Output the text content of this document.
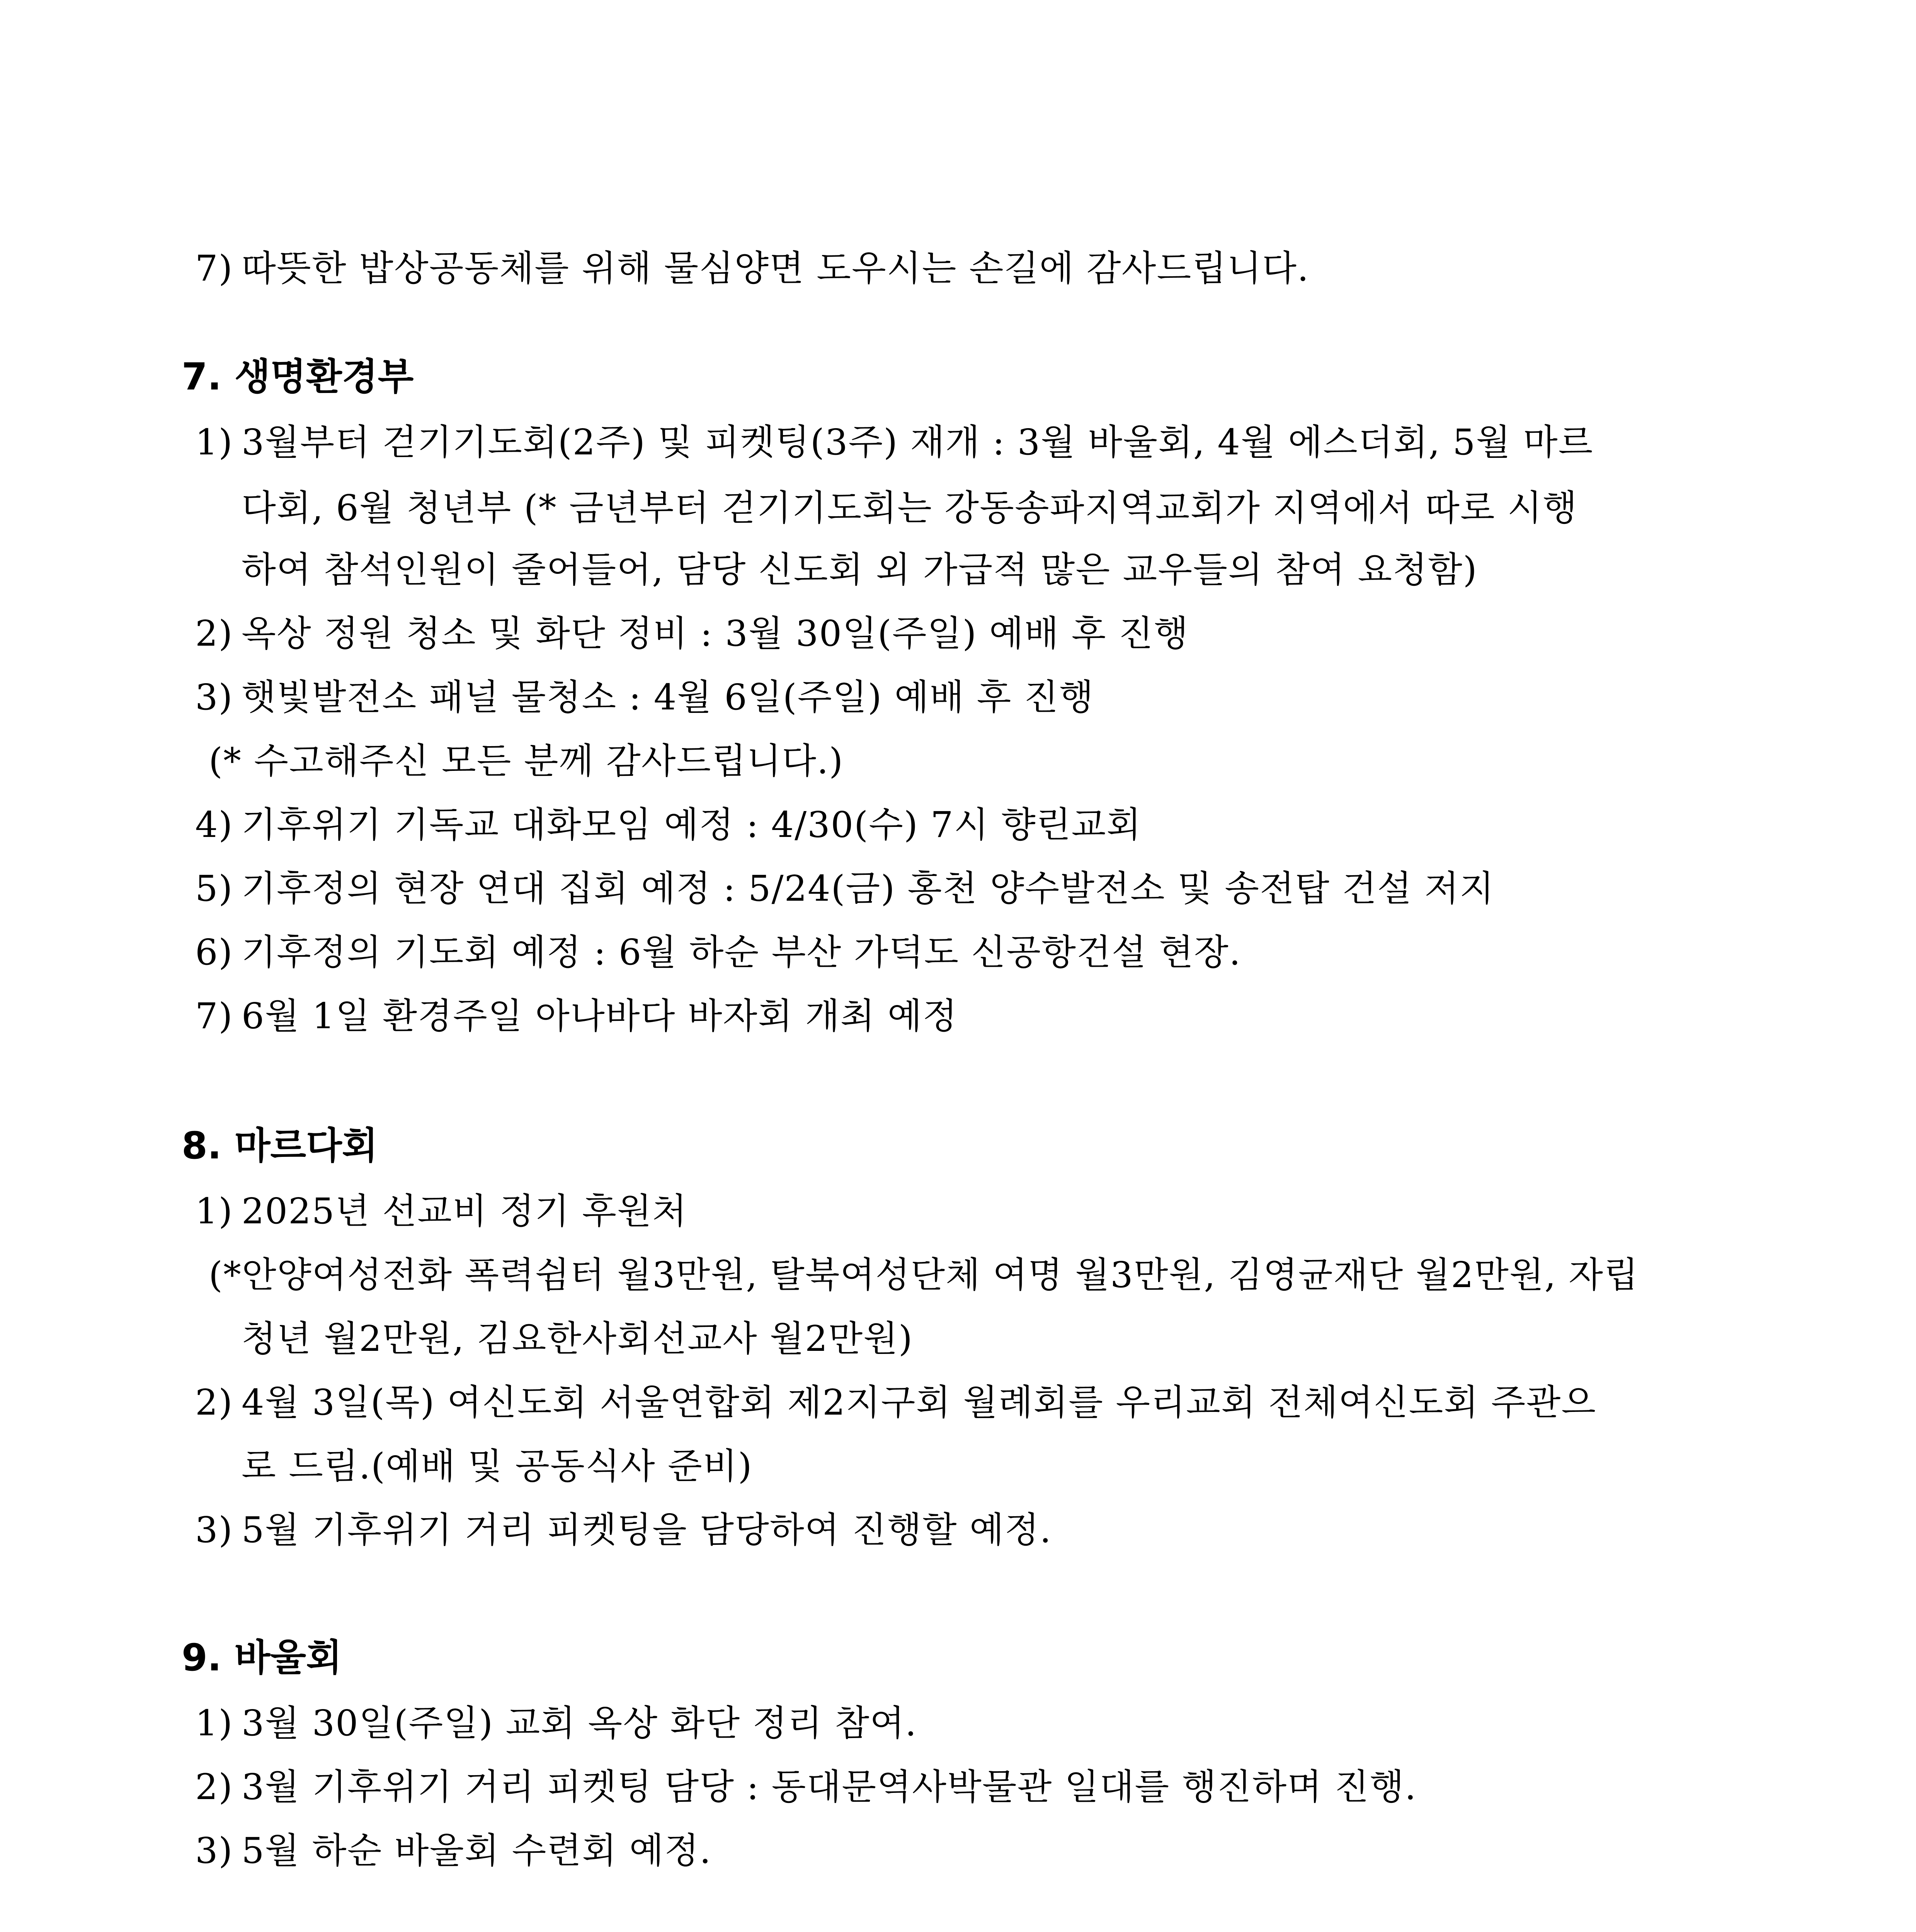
7) 따뜻한 밥상공동체를 위해 물심양면 도우시는 손길에 감사드립니다.
7. 생명환경부
1) 3월부터 걷기기도회(2주) 및 피켓팅(3주) 재개 : 3월 바울회, 4월 에스더회, 5월 마르
다회, 6월 청년부 (* 금년부터 걷기기도회는 강동송파지역교회가 지역에서 따로 시행
하여 참석인원이 줄어들어, 담당 신도회 외 가급적 많은 교우들의 참여 요청함)
2) 옥상 정원 청소 및 화단 정비 : 3월 30일(주일) 예배 후 진행
3) 햇빛발전소 패널 물청소 : 4월 6일(주일) 예배 후 진행
(* 수고해주신 모든 분께 감사드립니다.)
4) 기후위기 기독교 대화모임 예정 : 4/30(수) 7시 향린교회
5) 기후정의 현장 연대 집회 예정 : 5/24(금) 홍천 양수발전소 및 송전탑 건설 저지
6) 기후정의 기도회 예정 : 6월 하순 부산 가덕도 신공항건설 현장.
7) 6월 1일 환경주일 아나바다 바자회 개최 예정
8. 마르다회
1) 2025년 선교비 정기 후원처
(*안양여성전화 폭력쉼터 월3만원, 탈북여성단체 여명 월3만원, 김영균재단 월2만원, 자립
청년 월2만원, 김요한사회선교사 월2만원)
2) 4월 3일(목) 여신도회 서울연합회 제2지구회 월례회를 우리교회 전체여신도회 주관으
로 드림.(예배 및 공동식사 준비)
3) 5월 기후위기 거리 피켓팅을 담당하여 진행할 예정.
9. 바울회
1) 3월 30일(주일) 교회 옥상 화단 정리 참여.
2) 3월 기후위기 거리 피켓팅 담당 : 동대문역사박물관 일대를 행진하며 진행.
3) 5월 하순 바울회 수련회 예정.
